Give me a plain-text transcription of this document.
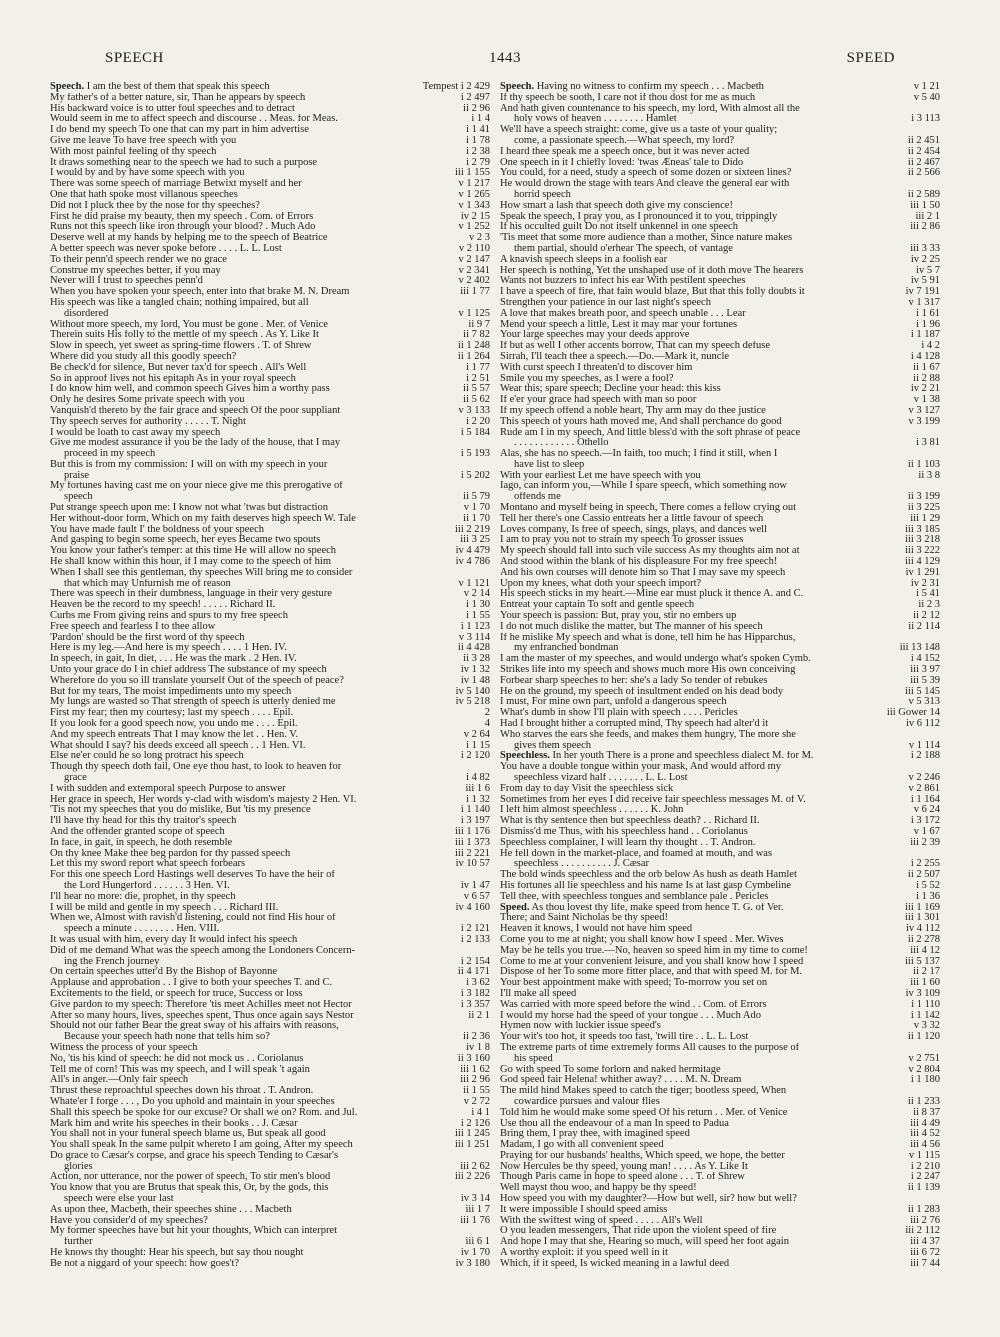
SPEECH	1443	SPEED
Tempest i 2 429
Speech. I am the best of them that speak this speech
i 2 497
My father's of a better nature, sir, Than he appears by speech
ii 2 96
His backward voice is to utter foul speeches and to detract
i 1 4
Would seem in me to affect speech and discourse . . Meas. for Meas.
i 1 41
I do bend my speech To one that can my part in him advertise
i 1 78
Give me leave To have free speech with you
i 2 38
With most painful feeling of thy speech
i 2 79
It draws something near to the speech we had to such a purpose
iii 1 155
I would by and by have some speech with you
v 1 217
There was some speech of marriage Betwixt myself and her
v 1 265
One that hath spoke most villanous speeches
v 1 343
Did not I pluck thee by the nose for thy speeches?
iv 2 15
First he did praise my beauty, then my speech . Com. of Errors
v 1 252
Runs not this speech like iron through your blood? . Much Ado
v 2 3
Deserve well at my hands by helping me to the speech of Beatrice
v 2 110
A better speech was never spoke before . . . . L. L. Lost
v 2 147
To their penn'd speech render we no grace
v 2 341
Construe my speeches better, if you may
v 2 402
Never will I trust to speeches penn'd
iii 1 77
When you have spoken your speech, enter into that brake M. N. Dream
His speech was like a tangled chain; nothing impaired, but all
v 1 125
disordered
ii 9 7
Without more speech, my lord, You must be gone . Mer. of Venice
ii 7 82
Therein suits His folly to the mettle of my speech . As Y. Like It
ii 1 248
Slow in speech, yet sweet as spring-time flowers . T. of Shrew
ii 1 264
Where did you study all this goodly speech?
i 1 77
Be check'd for silence, But never tax'd for speech . All's Well
i 2 51
So in approof lives not his epitaph As in your royal speech
ii 5 57
I do know him well, and common speech Gives him a worthy pass
ii 5 62
Only he desires Some private speech with you
v 3 133
Vanquish'd thereto by the fair grace and speech Of the poor suppliant
i 2 20
Thy speech serves for authority . . . . . T. Night
i 5 184
I would be loath to cast away my speech
Give me modest assurance if you be the lady of the house, that I may
i 5 193
proceed in my speech
But this is from my commission: I will on with my speech in your
i 5 202
praise
My fortunes having cast me on your niece give me this prerogative of
ii 5 79
speech
v 1 70
Put strange speech upon me: I know not what 'twas but distraction
ii 1 70
Her without-door form, Which on my faith deserves high speech W. Tale
iii 2 219
You have made fault I' the boldness of your speech
iii 3 25
And gasping to begin some speech, her eyes Became two spouts
iv 4 479
You know your father's temper: at this time He will allow no speech
iv 4 786
He shall know within this hour, if I may come to the speech of him
When I shall see this gentleman, thy speeches Will bring me to consider
v 1 121
that which may Unfurnish me of reason
v 2 14
There was speech in their dumbness, language in their very gesture
i 1 30
Heaven be the record to my speech! . . . . . Richard II.
i 1 55
Curbs me From giving reins and spurs to my free speech
i 1 123
Free speech and fearless I to thee allow
v 3 114
'Pardon' should be the first word of thy speech
ii 4 428
Here is my leg.—And here is my speech . . . . 1 Hen. IV.
ii 3 28
In speech, in gait, In diet, . . . He was the mark . 2 Hen. IV.
iv 1 32
Unto your grace do I in chief address The substance of my speech
iv 1 48
Wherefore do you so ill translate yourself Out of the speech of peace?
iv 5 140
But for my tears, The moist impediments unto my speech
iv 5 218
My lungs are wasted so That strength of speech is utterly denied me
2
First my fear; then my courtesy; last my speech . . . . Epil.
4
If you look for a good speech now, you undo me . . . . Epil.
v 2 64
And my speech entreats That I may know the let . . Hen. V.
i 1 15
What should I say? his deeds exceed all speech . . 1 Hen. VI.
i 2 120
Else ne'er could he so long protract his speech
Though thy speech doth fail, One eye thou hast, to look to heaven for
i 4 82
grace
iii 1 6
I with sudden and extemporal speech Purpose to answer
i 1 32
Her grace in speech, Her words y-clad with wisdom's majesty 2 Hen. VI.
i 1 140
'Tis not my speeches that you do mislike, But 'tis my presence
i 3 197
I'll have thy head for this thy traitor's speech
iii 1 176
And the offender granted scope of speech
iii 1 373
In face, in gait, in speech, he doth resemble
iii 2 221
On thy knee Make thee beg pardon for thy passed speech
iv 10 57
Let this my sword report what speech forbears
For this one speech Lord Hastings well deserves To have the heir of
iv 1 47
the Lord Hungerford . . . . . . 3 Hen. VI.
v 6 57
I'll hear no more: die, prophet, in thy speech
iv 4 160
I will be mild and gentle in my speech . . . Richard III.
When we, Almost with ravish'd listening, could not find His hour of
i 2 121
speech a minute . . . . . . . . Hen. VIII.
i 2 133
It was usual with him, every day It would infect his speech
Did of me demand What was the speech among the Londoners Concern-
i 2 154
ing the French journey
ii 4 171
On certain speeches utter'd By the Bishop of Bayonne
i 3 62
Applause and approbation . . I give to both your speeches T. and C.
i 3 182
Excitements to the field, or speech for truce, Success or loss
i 3 357
Give pardon to my speech: Therefore 'tis meet Achilles meet not Hector
ii 2 1
After so many hours, lives, speeches spent, Thus once again says Nestor
Should not our father Bear the great sway of his affairs with reasons,
ii 2 36
Because your speech hath none that tells him so?
iv 1 8
Witness the process of your speech
ii 3 160
No, 'tis his kind of speech: he did not mock us . . Coriolanus
iii 1 62
Tell me of corn! This was my speech, and I will speak 't again
iii 2 96
All's in anger.—Only fair speech
ii 1 55
Thrust these reproachful speeches down his throat . T. Andron.
v 2 72
Whate'er I forge . . . , Do you uphold and maintain in your speeches
i 4 1
Shall this speech be spoke for our excuse? Or shall we on? Rom. and Jul.
i 2 126
Mark him and write his speeches in their books . . J. Cæsar
iii 1 245
You shall not in your funeral speech blame us, But speak all good
iii 1 251
You shall speak In the same pulpit whereto I am going, After my speech
Do grace to Cæsar's corpse, and grace his speech Tending to Cæsar's
iii 2 62
glories
iii 2 226
Action, nor utterance, nor the power of speech, To stir men's blood
You know that you are Brutus that speak this, Or, by the gods, this
iv 3 14
speech were else your last
iii 1 7
As upon thee, Macbeth, their speeches shine . . . Macbeth
iii 1 76
Have you consider'd of my speeches?
My former speeches have but hit your thoughts, Which can interpret
iii 6 1
further
iv 1 70
He knows thy thought: Hear his speech, but say thou nought
iv 3 180
Be not a niggard of your speech: how goes't?
v 1 21
Speech. Having no witness to confirm my speech . . . Macbeth
v 5 40
If thy speech be sooth, I care not if thou dost for me as much
And hath given countenance to his speech, my lord, With almost all the
i 3 113
holy vows of heaven . . . . . . . . Hamlet
We'll have a speech straight: come, give us a taste of your quality;
ii 2 451
come, a passionate speech.—What speech, my lord?
ii 2 454
I heard thee speak me a speech once, but it was never acted
ii 2 467
One speech in it I chiefly loved: 'twas Æneas' tale to Dido
ii 2 566
You could, for a need, study a speech of some dozen or sixteen lines?
He would drown the stage with tears And cleave the general ear with
ii 2 589
horrid speech
iii 1 50
How smart a lash that speech doth give my conscience!
iii 2 1
Speak the speech, I pray you, as I pronounced it to you, trippingly
iii 2 86
If his occulted guilt Do not itself unkennel in one speech
'Tis meet that some more audience than a mother, Since nature makes
iii 3 33
them partial, should o'erhear The speech, of vantage
iv 2 25
A knavish speech sleeps in a foolish ear
iv 5 7
Her speech is nothing, Yet the unshaped use of it doth move The hearers
iv 5 91
Wants not buzzers to infect his ear With pestilent speeches
iv 7 191
I have a speech of fire, that fain would blaze, But that this folly doubts it
v 1 317
Strengthen your patience in our last night's speech
i 1 61
A love that makes breath poor, and speech unable . . . Lear
i 1 96
Mend your speech a little, Lest it may mar your fortunes
i 1 187
Your large speeches may your deeds approve
i 4 2
If but as well I other accents borrow, That can my speech defuse
i 4 128
Sirrah, I'll teach thee a speech.—Do.—Mark it, nuncle
ii 1 67
With curst speech I threaten'd to discover him
ii 2 88
Smile you my speeches, as I were a fool?
iv 2 21
Wear this; spare speech; Decline your head: this kiss
v 1 38
If e'er your grace had speech with man so poor
v 3 127
If my speech offend a noble heart, Thy arm may do thee justice
v 3 199
This speech of yours hath moved me, And shall perchance do good
Rude am I in my speech, And little bless'd with the soft phrase of peace
i 3 81
. . . . . . . . . . . . Othello
Alas, she has no speech.—In faith, too much; I find it still, when I
ii 1 103
have list to sleep
ii 3 8
With your earliest Let me have speech with you
Iago, can inform you,—While I spare speech, which something now
ii 3 199
offends me
ii 3 225
Montano and myself being in speech, There comes a fellow crying out
iii 1 29
Tell her there's one Cassio entreats her a little favour of speech
iii 3 185
Loves company, Is free of speech, sings, plays, and dances well
iii 3 218
I am to pray you not to strain my speech To grosser issues
iii 3 222
My speech should fall into such vile success As my thoughts aim not at
iii 4 129
And stood within the blank of his displeasure For my free speech!
iv 1 291
And his own courses will denote him so That I may save my speech
iv 2 31
Upon my knees, what doth your speech import?
i 5 41
His speech sticks in my heart.—Mine ear must pluck it thence A. and C.
ii 2 3
Entreat your captain To soft and gentle speech
ii 2 12
Your speech is passion: But, pray you, stir no embers up
ii 2 114
I do not much dislike the matter, but The manner of his speech
If he mislike My speech and what is done, tell him he has Hipparchus,
iii 13 148
my enfranched bondman
i 4 152
I am the master of my speeches, and would undergo what's spoken Cymb.
iii 3 97
Strikes life into my speech and shows much more His own conceiving
iii 5 39
Forbear sharp speeches to her: she's a lady So tender of rebukes
iii 5 145
He on the ground, my speech of insultment ended on his dead body
v 5 313
I must, For mine own part, unfold a dangerous speech
iii Gower 14
What's dumb in show I'll plain with speech . . . . Pericles
iv 6 112
Had I brought hither a corrupted mind, Thy speech had alter'd it
Who starves the ears she feeds, and makes them hungry, The more she
v 1 114
gives them speech
i 2 188
Speechless. In her youth There is a prone and speechless dialect M. for M.
You have a double tongue within your mask, And would afford my
v 2 246
speechless vizard half . . . . . . . L. L. Lost
v 2 861
From day to day Visit the speechless sick
i 1 164
Sometimes from her eyes I did receive fair speechless messages M. of V.
v 6 24
I left him almost speechless . . . . . . K. John
i 3 172
What is thy sentence then but speechless death? . . Richard II.
v 1 67
Dismiss'd me Thus, with his speechless hand . . Coriolanus
iii 2 39
Speechless complainer, I will learn thy thought . . T. Andron.
He fell down in the market-place, and foamed at mouth, and was
i 2 255
speechless . . . . . . . . . . J. Cæsar
ii 2 507
The bold winds speechless and the orb below As hush as death Hamlet
i 5 52
His fortunes all lie speechless and his name Is at last gasp Cymbeline
i 1 36
Tell thee, with speechless tongues and semblance pale . Pericles
iii 1 169
Speed. As thou lovest thy life, make speed from hence T. G. of Ver.
iii 1 301
There; and Saint Nicholas be thy speed!
iv 4 112
Heaven it knows, I would not have him speed
ii 2 278
Come you to me at night; you shall know how I speed . Mer. Wives
iii 4 12
May be he tells you true.—No, heaven so speed him in my time to come!
iii 5 137
Come to me at your convenient leisure, and you shall know how I speed
ii 2 17
Dispose of her To some more fitter place, and that with speed M. for M.
iii 1 60
Your best appointment make with speed; To-morrow you set on
iv 3 109
I'll make all speed
i 1 110
Was carried with more speed before the wind . . Com. of Errors
i 1 142
I would my horse had the speed of your tongue . . . Much Ado
v 3 32
Hymen now with luckier issue speed's
ii 1 120
Your wit's too hot, it speeds too fast, 'twill tire . . L. L. Lost
The extreme parts of time extremely forms All causes to the purpose of
v 2 751
his speed
v 2 804
Go with speed To some forlorn and naked hermitage
i 1 180
God speed fair Helena! whither away? . . . . M. N. Dream
The mild hind Makes speed to catch the tiger; bootless speed, When
ii 1 233
cowardice pursues and valour flies
ii 8 37
Told him he would make some speed Of his return . . Mer. of Venice
iii 4 49
Use thou all the endeavour of a man In speed to Padua
iii 4 52
Bring them, I pray thee, with imagined speed
iii 4 56
Madam, I go with all convenient speed
v 1 115
Praying for our husbands' healths, Which speed, we hope, the better
i 2 210
Now Hercules be thy speed, young man! . . . . As Y. Like It
i 2 247
Though Paris came in hope to speed alone . . . T. of Shrew
ii 1 139
Well mayst thou woo, and happy be thy speed!
How speed you with my daughter?—How but well, sir? how but well?
ii 1 283
It were impossible I should speed amiss
iii 2 76
With the swiftest wing of speed . . . . . All's Well
iii 2 112
O you leaden messengers, That ride upon the violent speed of fire
iii 4 37
And hope I may that she, Hearing so much, will speed her foot again
iii 6 72
A worthy exploit: if you speed well in it
iii 7 44
Which, if it speed, Is wicked meaning in a lawful deed
